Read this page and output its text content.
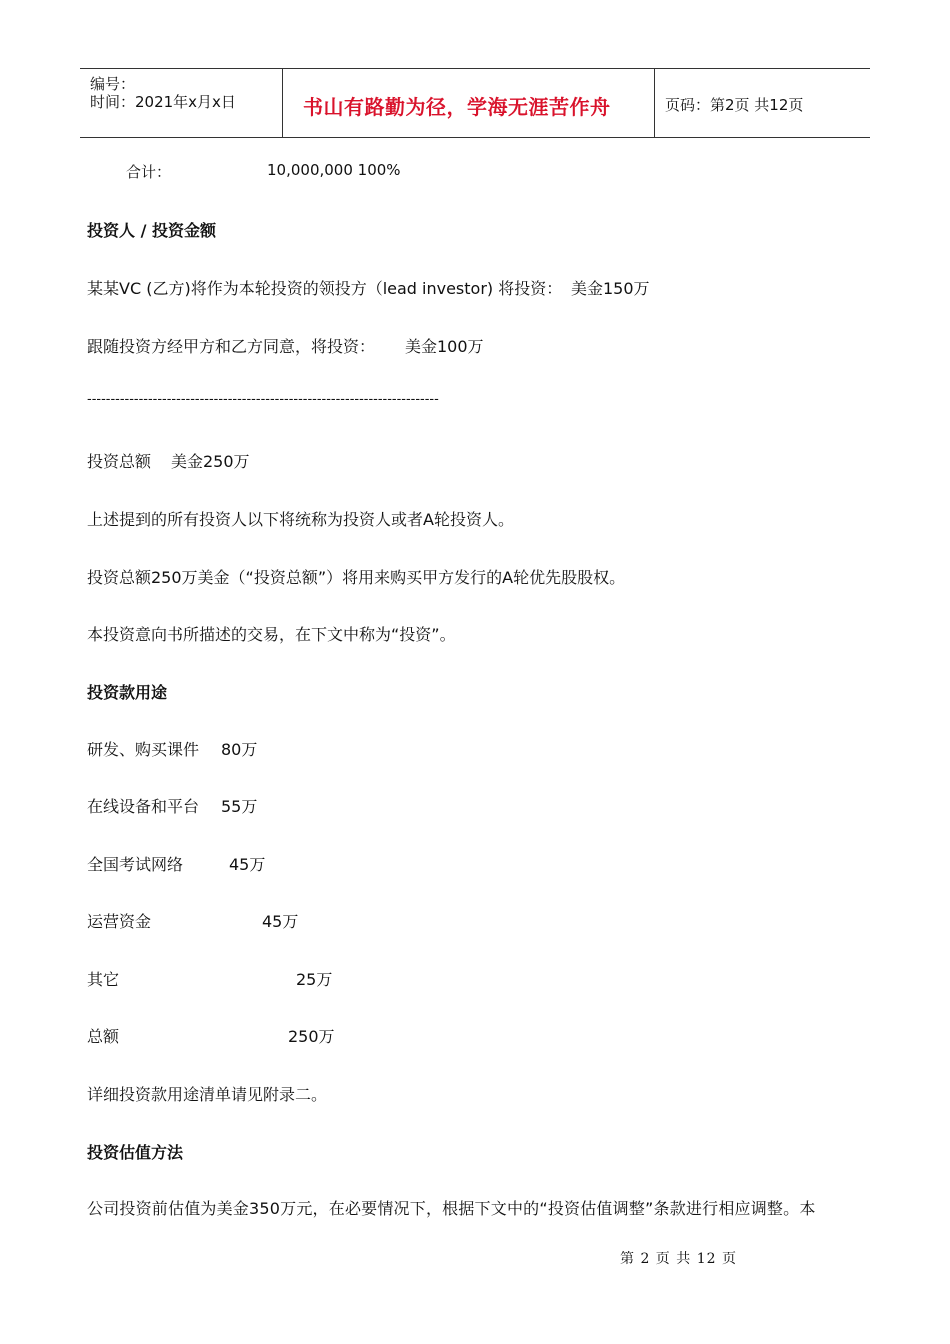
编号：
时间：2021年x月x日	书山有路勤为径，学海无涯苦作舟	页码：第2页 共12页
合计：	10,000,000 100%
投资人 / 投资金额
某某VC (乙方)将作为本轮投资的领投方（lead investor) 将投资： 美金150万
跟随投资方经甲方和乙方同意，将投资： 美金100万
---------------------------------------------------------------------------
投资总额 美金250万
上述提到的所有投资人以下将统称为投资人或者A轮投资人。
投资总额250万美金（“投资总额”）将用来购买甲方发行的A轮优先股股权。
本投资意向书所描述的交易，在下文中称为“投资”。
投资款用途
研发、购买课件 80万
在线设备和平台 55万
全国考试网络	45万
运营资金	45万
其它	25万
总额	250万
详细投资款用途清单请见附录二。
投资估值方法
公司投资前估值为美金350万元，在必要情况下，根据下文中的“投资估值调整”条款进行相应调整。本
第 2 页 共 12 页
